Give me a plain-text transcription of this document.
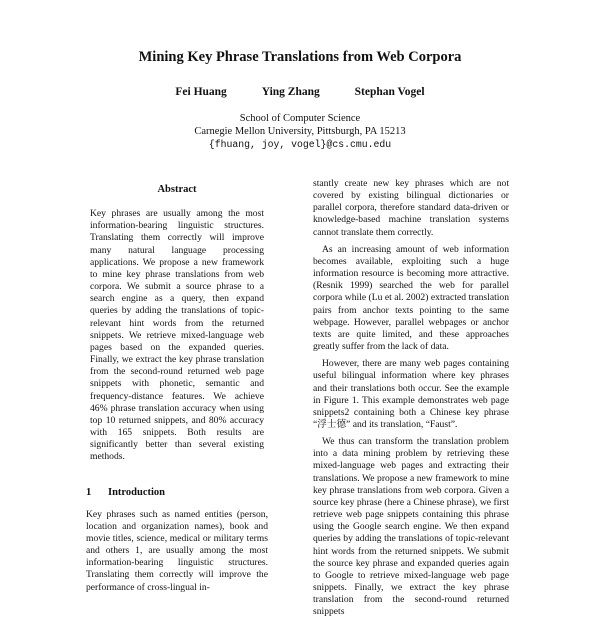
Mining Key Phrase Translations from Web Corpora
Fei Huang	Ying Zhang	Stephan Vogel
School of Computer Science
Carnegie Mellon University, Pittsburgh, PA 15213
{fhuang, joy, vogel}@cs.cmu.edu
Abstract
Key phrases are usually among the most information-bearing linguistic structures. Translating them correctly will improve many natural language processing applications. We propose a new framework to mine key phrase translations from web corpora. We submit a source phrase to a search engine as a query, then expand queries by adding the translations of topic-relevant hint words from the returned snippets. We retrieve mixed-language web pages based on the expanded queries. Finally, we extract the key phrase translation from the second-round returned web page snippets with phonetic, semantic and frequency-distance features. We achieve 46% phrase translation accuracy when using top 10 returned snippets, and 80% accuracy with 165 snippets. Both results are significantly better than several existing methods.
1 Introduction
Key phrases such as named entities (person, location and organization names), book and movie titles, science, medical or military terms and others 1, are usually among the most information-bearing linguistic structures. Translating them correctly will improve the performance of cross-lingual in-

stantly create new key phrases which are not covered by existing bilingual dictionaries or parallel corpora, therefore standard data-driven or knowledge-based machine translation systems cannot translate them correctly.

As an increasing amount of web information becomes available, exploiting such a huge information resource is becoming more attractive. (Resnik 1999) searched the web for parallel corpora while (Lu et al. 2002) extracted translation pairs from anchor texts pointing to the same webpage. However, parallel webpages or anchor texts are quite limited, and these approaches greatly suffer from the lack of data.

However, there are many web pages containing useful bilingual information where key phrases and their translations both occur. See the example in Figure 1. This example demonstrates web page snippets2 containing both a Chinese key phrase “浮士德” and its translation, “Faust”.

We thus can transform the translation problem into a data mining problem by retrieving these mixed-language web pages and extracting their translations. We propose a new framework to mine key phrase translations from web corpora. Given a source key phrase (here a Chinese phrase), we first retrieve web page snippets containing this phrase using the Google search engine. We then expand queries by adding the translations of topic-relevant hint words from the returned snippets. We submit the source key phrase and expanded queries again to Google to retrieve mixed-language web page snippets. Finally, we extract the key phrase translation from the second-round returned snippets
